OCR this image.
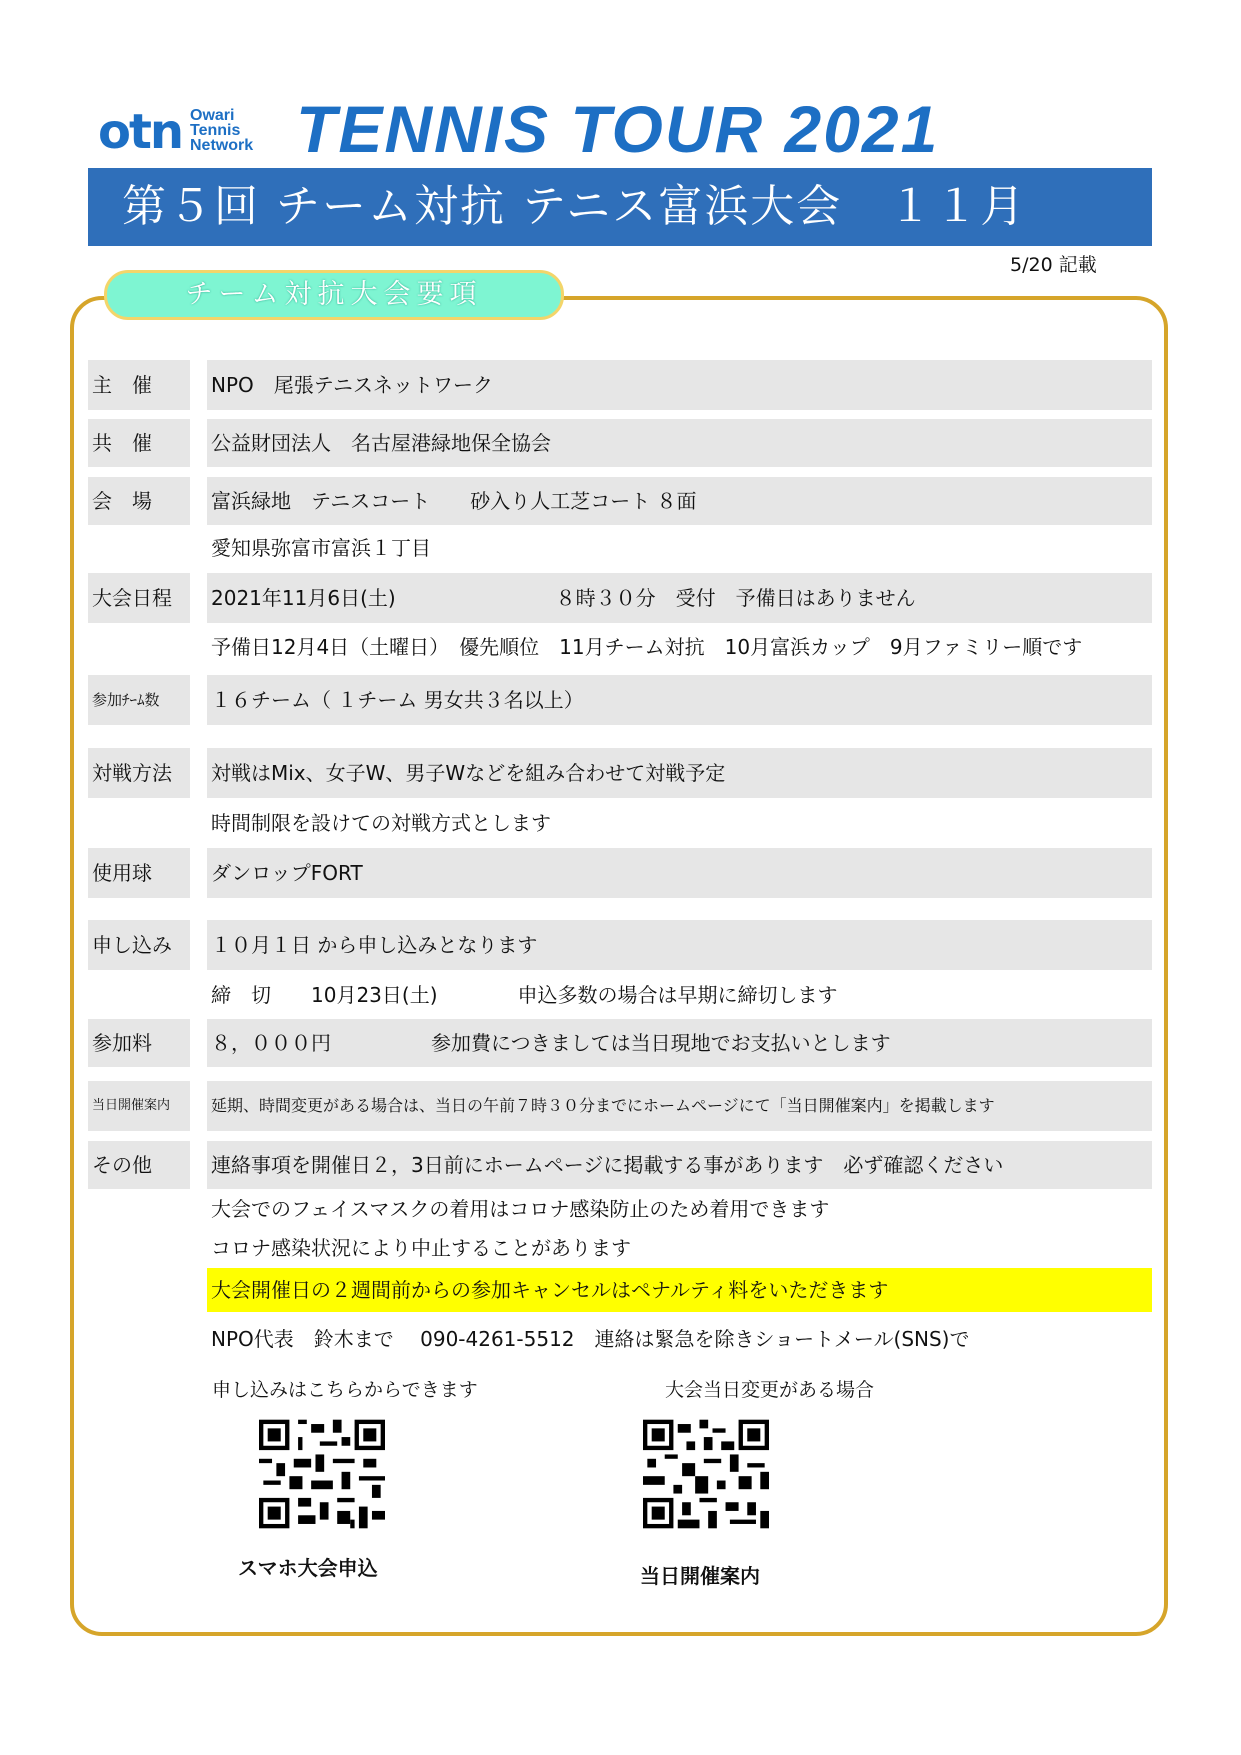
otn Owari
Tennis
Network TENNIS TOUR 2021
第５回 チーム対抗 テニス富浜大会　１１月
5/20 記載
チーム対抗大会要項
主　催	NPO　尾張テニスネットワーク
共　催	公益財団法人　名古屋港緑地保全協会
会　場	富浜緑地　テニスコート　　砂入り人工芝コート ８面
愛知県弥富市富浜１丁目
大会日程	2021年11月6日(土)　　　　　　　　８時３０分　受付　予備日はありません
予備日12月4日（土曜日）　優先順位　11月チーム対抗　10月富浜カップ　9月ファミリー順です
参加ﾁｰﾑ数	１６チーム（ １チーム 男女共３名以上）
対戦方法	対戦はMix、女子W、男子Wなどを組み合わせて対戦予定
時間制限を設けての対戦方式とします
使用球	ダンロップFORT
申し込み	１０月１日 から申し込みとなります
締　切　　10月23日(土)　　　　申込多数の場合は早期に締切します
参加料	８，０００円　　　　　参加費につきましては当日現地でお支払いとします
当日開催案内	延期、時間変更がある場合は、当日の午前７時３０分までにホームページにて「当日開催案内」を掲載します
その他	連絡事項を開催日２，3日前にホームページに掲載する事があります　必ず確認ください
大会でのフェイスマスクの着用はコロナ感染防止のため着用できます
コロナ感染状況により中止することがあります
大会開催日の２週間前からの参加キャンセルはペナルティ料をいただきます
NPO代表　鈴木まで　 090-4261-5512　連絡は緊急を除きショートメール(SNS)で
申し込みはこちらからできます	大会当日変更がある場合
スマホ大会申込	当日開催案内
